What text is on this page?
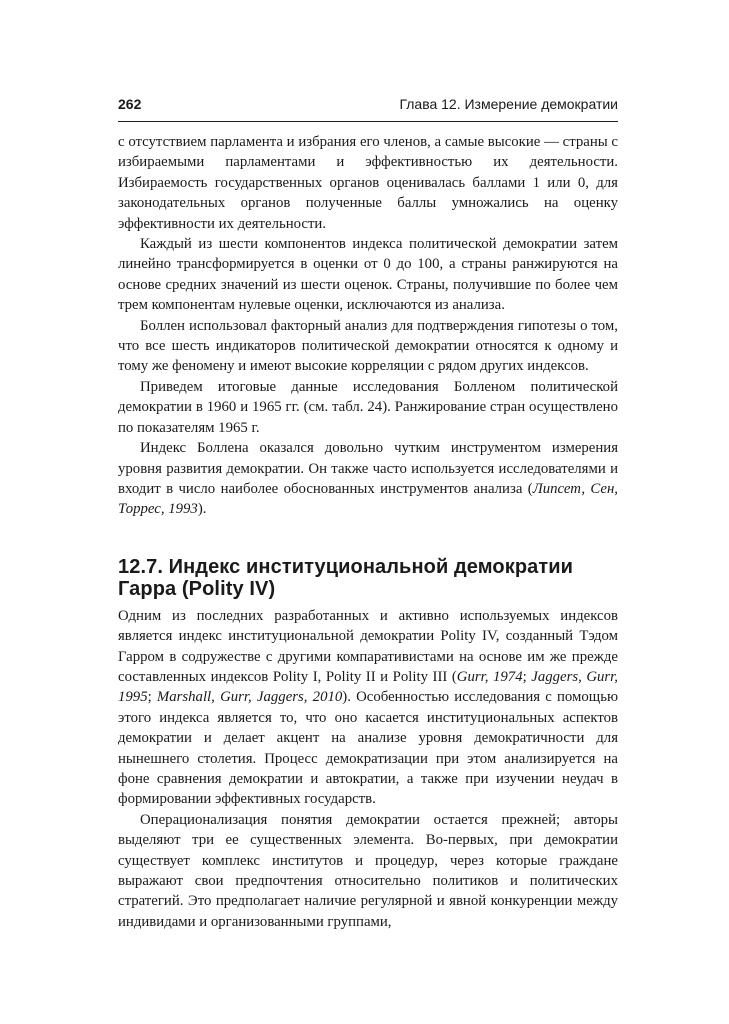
262	Глава 12. Измерение демократии

с отсутствием парламента и избрания его членов, а самые высокие — страны с избираемыми парламентами и эффективностью их деятельности. Избираемость государственных органов оценивалась баллами 1 или 0, для законодательных органов полученные баллы умножались на оценку эффективности их деятельности.

Каждый из шести компонентов индекса политической демократии затем линейно трансформируется в оценки от 0 до 100, а страны ранжируются на основе средних значений из шести оценок. Страны, получившие по более чем трем компонентам нулевые оценки, исключаются из анализа.

Боллен использовал факторный анализ для подтверждения гипотезы о том, что все шесть индикаторов политической демократии относятся к одному и тому же феномену и имеют высокие корреляции с рядом других индексов.

Приведем итоговые данные исследования Болленом политической демократии в 1960 и 1965 гг. (см. табл. 24). Ранжирование стран осуществлено по показателям 1965 г.

Индекс Боллена оказался довольно чутким инструментом измерения уровня развития демократии. Он также часто используется исследователями и входит в число наиболее обоснованных инструментов анализа (Липсет, Сен, Торрес, 1993).

12.7. Индекс институциональной демократии
Гарра (Polity IV)

Одним из последних разработанных и активно используемых индексов является индекс институциональной демократии Polity IV, созданный Тэдом Гарром в содружестве с другими компаративистами на основе им же прежде составленных индексов Polity I, Polity II и Polity III (Gurr, 1974; Jaggers, Gurr, 1995; Marshall, Gurr, Jaggers, 2010). Особенностью исследования с помощью этого индекса является то, что оно касается институциональных аспектов демократии и делает акцент на анализе уровня демократичности для нынешнего столетия. Процесс демократизации при этом анализируется на фоне сравнения демократии и автократии, а также при изучении неудач в формировании эффективных государств.

Операционализация понятия демократии остается прежней; авторы выделяют три ее существенных элемента. Во-первых, при демократии существует комплекс институтов и процедур, через которые граждане выражают свои предпочтения относительно политиков и политических стратегий. Это предполагает наличие регулярной и явной конкуренции между индивидами и организованными группами,
